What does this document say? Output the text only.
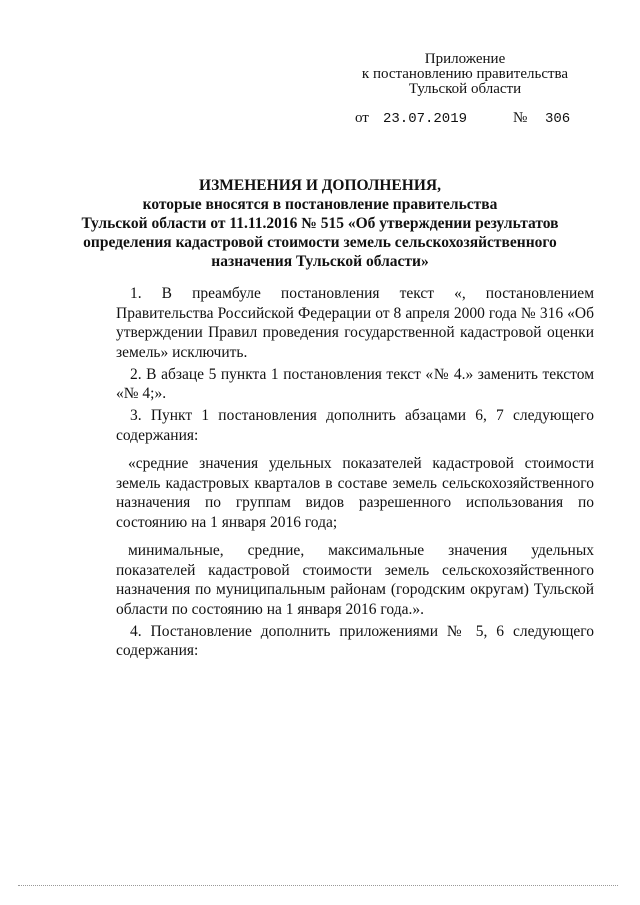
Приложение
к постановлению правительства
Тульской области
от 23.07.2019	№ 306
ИЗМЕНЕНИЯ И ДОПОЛНЕНИЯ,
которые вносятся в постановление правительства
Тульской области от 11.11.2016 № 515 «Об утверждении результатов
определения кадастровой стоимости земель сельскохозяйственного
назначения Тульской области»

1. В преамбуле постановления текст «, постановлением Правительства Российской Федерации от 8 апреля 2000 года № 316 «Об утверждении Правил проведения государственной кадастровой оценки земель» исключить.

2. В абзаце 5 пункта 1 постановления текст «№ 4.» заменить текстом «№ 4;».

3. Пункт 1 постановления дополнить абзацами 6, 7 следующего содержания:

«средние значения удельных показателей кадастровой стоимости земель кадастровых кварталов в составе земель сельскохозяйственного назначения по группам видов разрешенного использования по состоянию на 1 января 2016 года;

минимальные, средние, максимальные значения удельных показателей кадастровой стоимости земель сельскохозяйственного назначения по муниципальным районам (городским округам) Тульской области по состоянию на 1 января 2016 года.».

4. Постановление дополнить приложениями № 5, 6 следующего содержания:
